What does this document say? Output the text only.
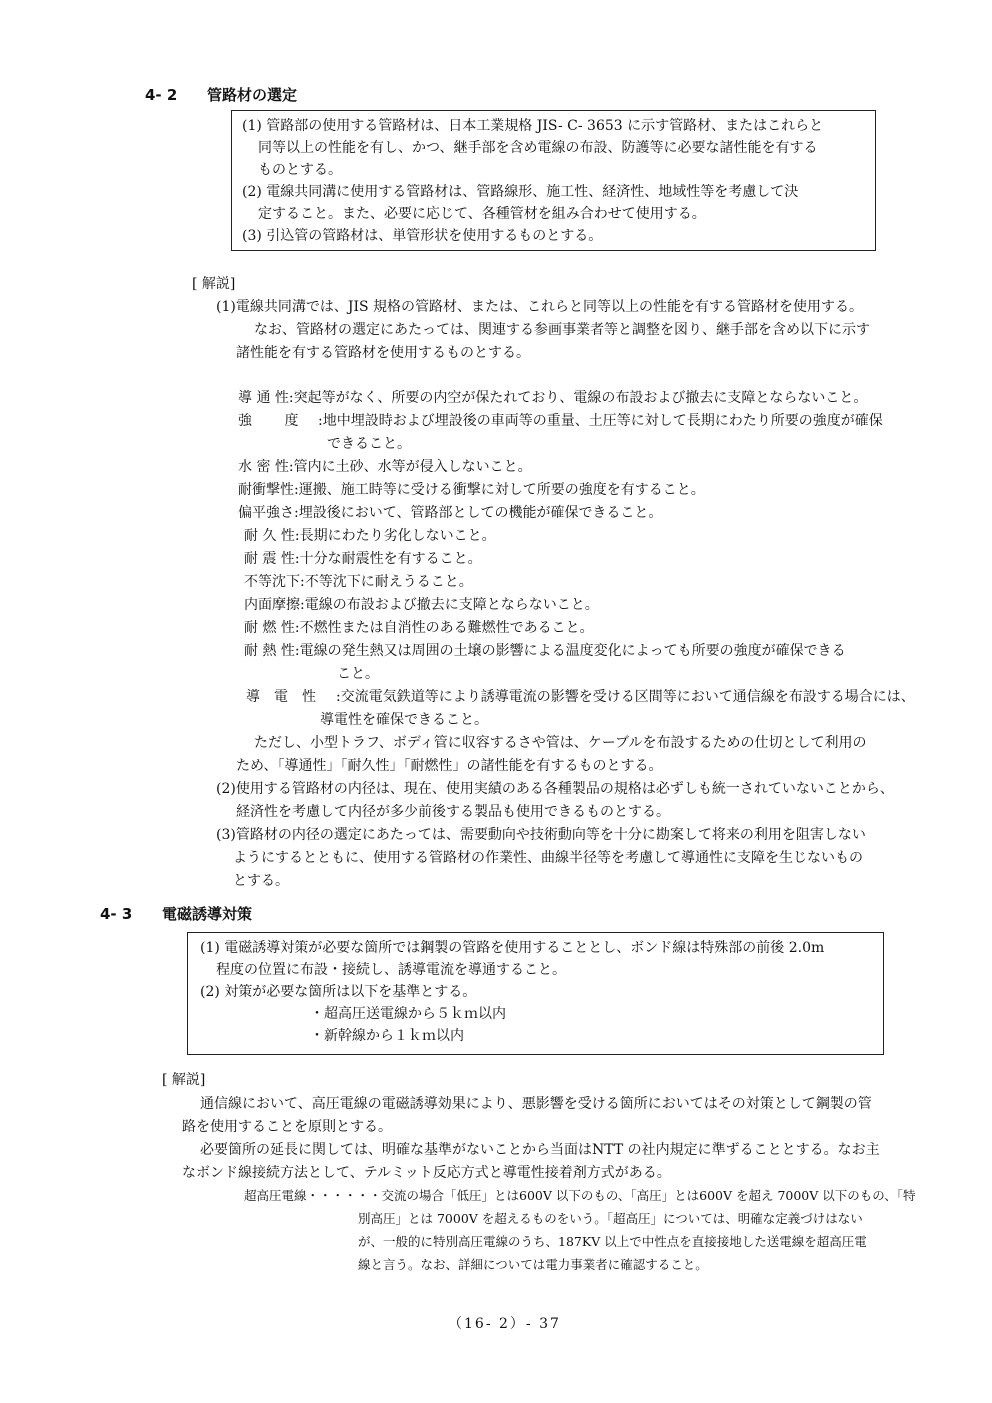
4- 2 管路材の選定
(1) 管路部の使用する管路材は、日本工業規格 JIS- C- 3653 に示す管路材、またはこれらと
同等以上の性能を有し、かつ、継手部を含め電線の布設、防護等に必要な諸性能を有する
ものとする。
(2) 電線共同溝に使用する管路材は、管路線形、施工性、経済性、地域性等を考慮して決
定すること。また、必要に応じて、各種管材を組み合わせて使用する。
(3) 引込管の管路材は、単管形状を使用するものとする。
[ 解説]
(1)電線共同溝では、JIS 規格の管路材、または、これらと同等以上の性能を有する管路材を使用する。
なお、管路材の選定にあたっては、関連する参画事業者等と調整を図り、継手部を含め以下に示す
諸性能を有する管路材を使用するものとする。
導 通 性:突起等がなく、所要の内空が保たれており、電線の布設および撤去に支障とならないこと。
強　　 度 :地中埋設時および埋設後の車両等の重量、土圧等に対して長期にわたり所要の強度が確保
できること。
水 密 性:管内に土砂、水等が侵入しないこと。
耐衝撃性:運搬、施工時等に受ける衝撃に対して所要の強度を有すること。
偏平強さ:埋設後において、管路部としての機能が確保できること。
耐 久 性:長期にわたり劣化しないこと。
耐 震 性:十分な耐震性を有すること。
不等沈下:不等沈下に耐えうること。
内面摩擦:電線の布設および撤去に支障とならないこと。
耐 燃 性:不燃性または自消性のある難燃性であること。
耐 熱 性:電線の発生熱又は周囲の土壌の影響による温度変化によっても所要の強度が確保できる
こと。
導　電　性 :交流電気鉄道等により誘導電流の影響を受ける区間等において通信線を布設する場合には、
導電性を確保できること。
ただし、小型トラフ、ボディ管に収容するさや管は、ケーブルを布設するための仕切として利用の
ため、「導通性」「耐久性」「耐燃性」の諸性能を有するものとする。
(2)使用する管路材の内径は、現在、使用実績のある各種製品の規格は必ずしも統一されていないことから、
経済性を考慮して内径が多少前後する製品も使用できるものとする。
(3)管路材の内径の選定にあたっては、需要動向や技術動向等を十分に勘案して将来の利用を阻害しない
ようにするとともに、使用する管路材の作業性、曲線半径等を考慮して導通性に支障を生じないもの
とする。
4- 3 電磁誘導対策
(1) 電磁誘導対策が必要な箇所では鋼製の管路を使用することとし、ボンド線は特殊部の前後 2.0m
程度の位置に布設・接続し、誘導電流を導通すること。
(2) 対策が必要な箇所は以下を基準とする。
・超高圧送電線から５ｋｍ以内
・新幹線から１ｋｍ以内
[ 解説]
通信線において、高圧電線の電磁誘導効果により、悪影響を受ける箇所においてはその対策として鋼製の管
路を使用することを原則とする。
必要箇所の延長に関しては、明確な基準がないことから当面はNTT の社内規定に準ずることとする。なお主
なボンド線接続方法として、テルミット反応方式と導電性接着剤方式がある。
超高圧電線・・・・・・交流の場合「低圧」とは600V 以下のもの、「高圧」とは600V を超え 7000V 以下のもの、「特
別高圧」とは 7000V を超えるものをいう。「超高圧」については、明確な定義づけはない
が、一般的に特別高圧電線のうち、187KV 以上で中性点を直接接地した送電線を超高圧電
線と言う。なお、詳細については電力事業者に確認すること。
（16- 2）- 37
